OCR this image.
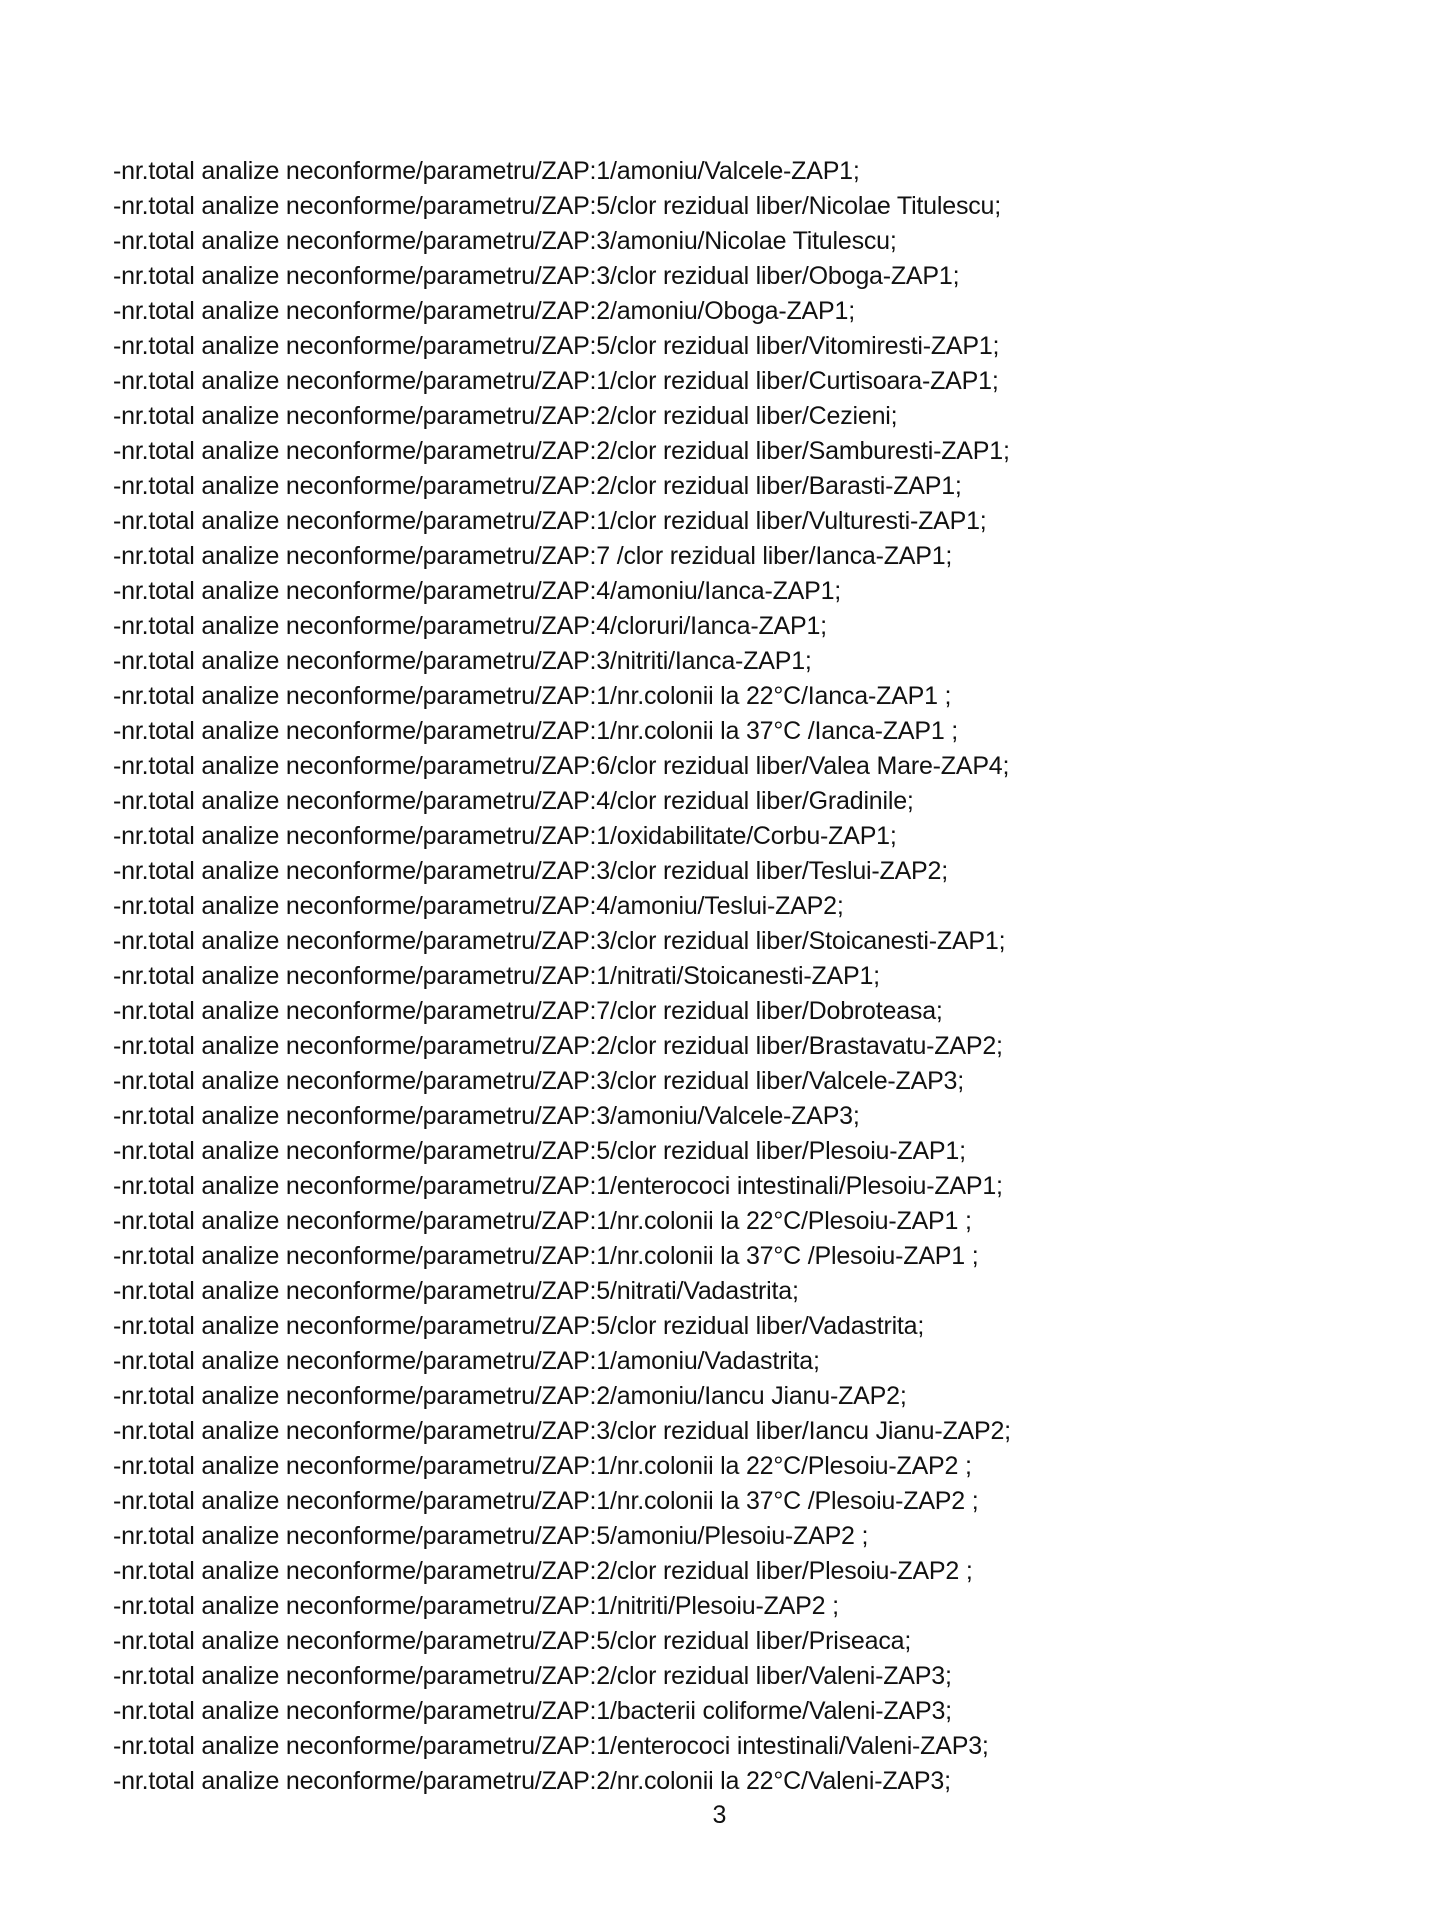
-nr.total analize neconforme/parametru/ZAP:1/amoniu/Valcele-ZAP1;
-nr.total analize neconforme/parametru/ZAP:5/clor rezidual liber/Nicolae Titulescu;
-nr.total analize neconforme/parametru/ZAP:3/amoniu/Nicolae Titulescu;
-nr.total analize neconforme/parametru/ZAP:3/clor rezidual liber/Oboga-ZAP1;
-nr.total analize neconforme/parametru/ZAP:2/amoniu/Oboga-ZAP1;
-nr.total analize neconforme/parametru/ZAP:5/clor rezidual liber/Vitomiresti-ZAP1;
-nr.total analize neconforme/parametru/ZAP:1/clor rezidual liber/Curtisoara-ZAP1;
-nr.total analize neconforme/parametru/ZAP:2/clor rezidual liber/Cezieni;
-nr.total analize neconforme/parametru/ZAP:2/clor rezidual liber/Samburesti-ZAP1;
-nr.total analize neconforme/parametru/ZAP:2/clor rezidual liber/Barasti-ZAP1;
-nr.total analize neconforme/parametru/ZAP:1/clor rezidual liber/Vulturesti-ZAP1;
-nr.total analize neconforme/parametru/ZAP:7 /clor rezidual liber/Ianca-ZAP1;
-nr.total analize neconforme/parametru/ZAP:4/amoniu/Ianca-ZAP1;
-nr.total analize neconforme/parametru/ZAP:4/cloruri/Ianca-ZAP1;
-nr.total analize neconforme/parametru/ZAP:3/nitriti/Ianca-ZAP1;
-nr.total analize neconforme/parametru/ZAP:1/nr.colonii la 22°C/Ianca-ZAP1 ;
-nr.total analize neconforme/parametru/ZAP:1/nr.colonii la 37°C /Ianca-ZAP1 ;
-nr.total analize neconforme/parametru/ZAP:6/clor rezidual liber/Valea Mare-ZAP4;
-nr.total analize neconforme/parametru/ZAP:4/clor rezidual liber/Gradinile;
-nr.total analize neconforme/parametru/ZAP:1/oxidabilitate/Corbu-ZAP1;
-nr.total analize neconforme/parametru/ZAP:3/clor rezidual liber/Teslui-ZAP2;
-nr.total analize neconforme/parametru/ZAP:4/amoniu/Teslui-ZAP2;
-nr.total analize neconforme/parametru/ZAP:3/clor rezidual liber/Stoicanesti-ZAP1;
-nr.total analize neconforme/parametru/ZAP:1/nitrati/Stoicanesti-ZAP1;
-nr.total analize neconforme/parametru/ZAP:7/clor rezidual liber/Dobroteasa;
-nr.total analize neconforme/parametru/ZAP:2/clor rezidual liber/Brastavatu-ZAP2;
-nr.total analize neconforme/parametru/ZAP:3/clor rezidual liber/Valcele-ZAP3;
-nr.total analize neconforme/parametru/ZAP:3/amoniu/Valcele-ZAP3;
-nr.total analize neconforme/parametru/ZAP:5/clor rezidual liber/Plesoiu-ZAP1;
-nr.total analize neconforme/parametru/ZAP:1/enterococi intestinali/Plesoiu-ZAP1;
-nr.total analize neconforme/parametru/ZAP:1/nr.colonii la 22°C/Plesoiu-ZAP1 ;
-nr.total analize neconforme/parametru/ZAP:1/nr.colonii la 37°C /Plesoiu-ZAP1 ;
-nr.total analize neconforme/parametru/ZAP:5/nitrati/Vadastrita;
-nr.total analize neconforme/parametru/ZAP:5/clor rezidual liber/Vadastrita;
-nr.total analize neconforme/parametru/ZAP:1/amoniu/Vadastrita;
-nr.total analize neconforme/parametru/ZAP:2/amoniu/Iancu Jianu-ZAP2;
-nr.total analize neconforme/parametru/ZAP:3/clor rezidual liber/Iancu Jianu-ZAP2;
-nr.total analize neconforme/parametru/ZAP:1/nr.colonii la 22°C/Plesoiu-ZAP2 ;
-nr.total analize neconforme/parametru/ZAP:1/nr.colonii la 37°C /Plesoiu-ZAP2 ;
-nr.total analize neconforme/parametru/ZAP:5/amoniu/Plesoiu-ZAP2 ;
-nr.total analize neconforme/parametru/ZAP:2/clor rezidual liber/Plesoiu-ZAP2 ;
-nr.total analize neconforme/parametru/ZAP:1/nitriti/Plesoiu-ZAP2 ;
-nr.total analize neconforme/parametru/ZAP:5/clor rezidual liber/Priseaca;
-nr.total analize neconforme/parametru/ZAP:2/clor rezidual liber/Valeni-ZAP3;
-nr.total analize neconforme/parametru/ZAP:1/bacterii coliforme/Valeni-ZAP3;
-nr.total analize neconforme/parametru/ZAP:1/enterococi intestinali/Valeni-ZAP3;
-nr.total analize neconforme/parametru/ZAP:2/nr.colonii la 22°C/Valeni-ZAP3;
3
